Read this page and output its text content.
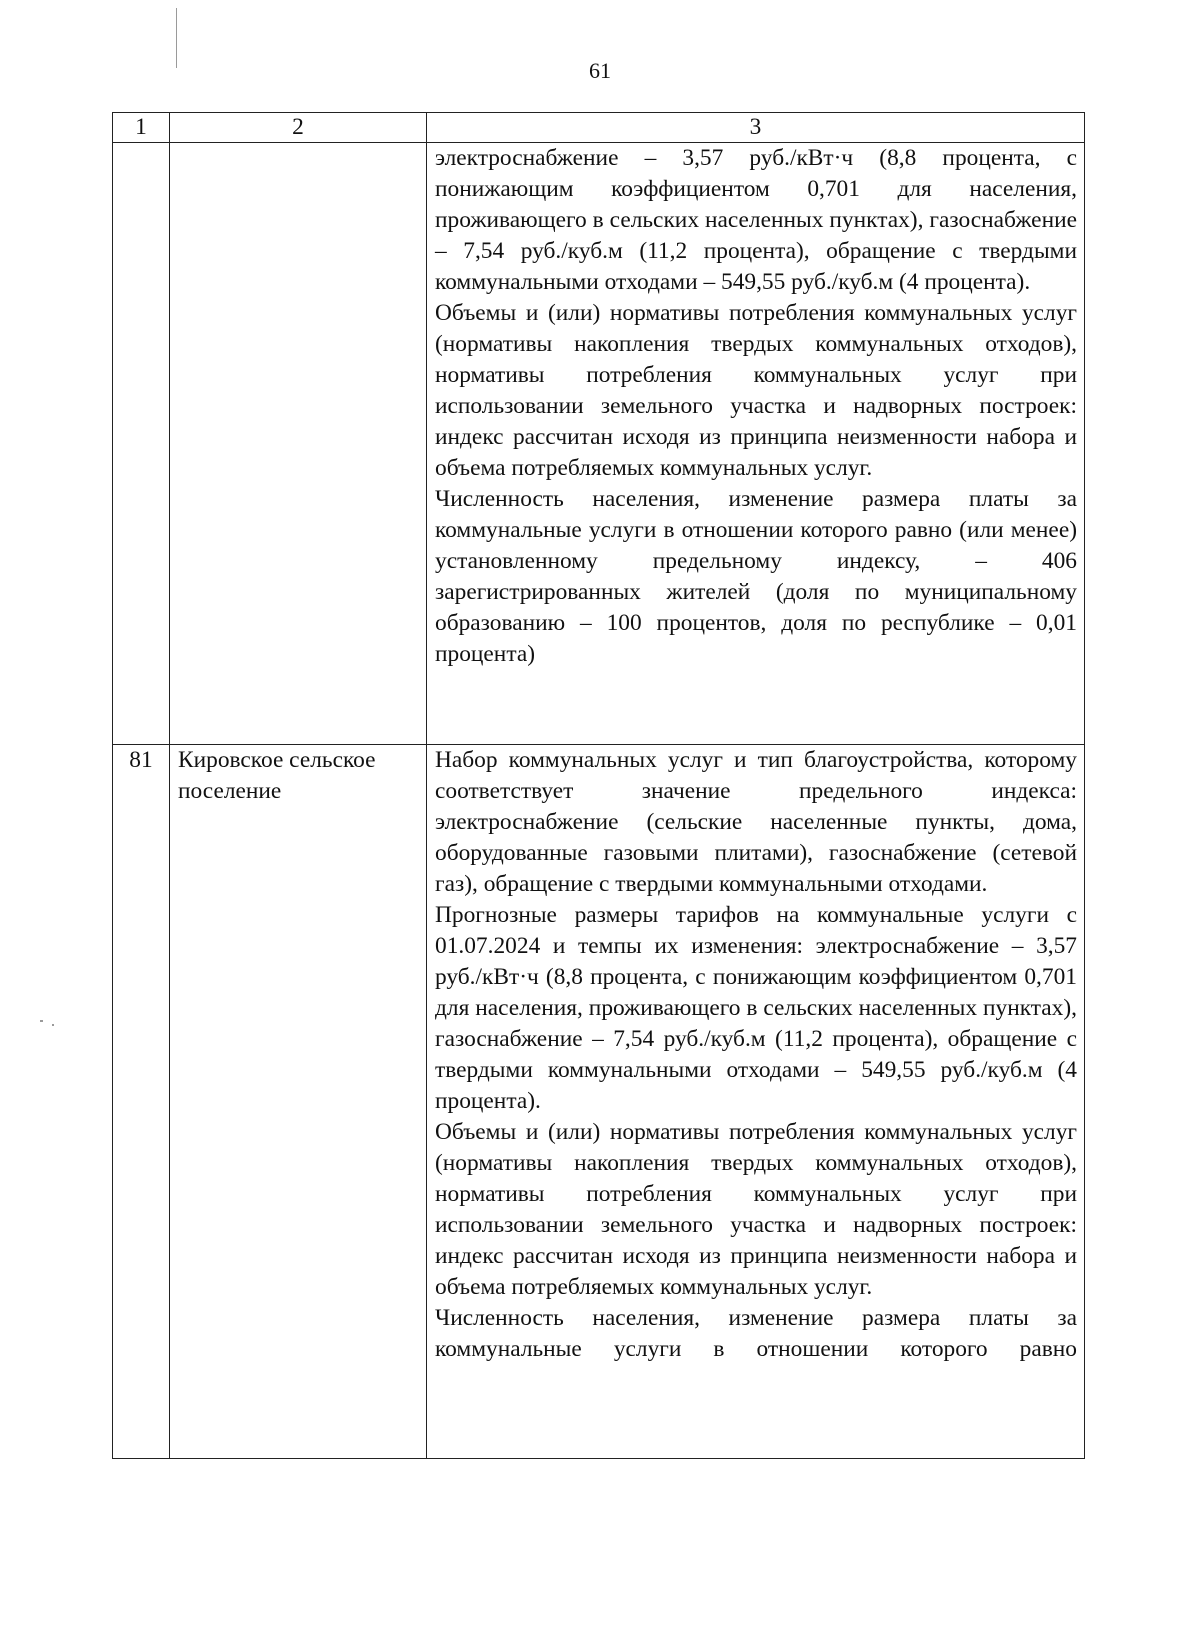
61
1	2	3

		электроснабжение – 3,57 руб./кВт·ч (8,8 процента, с понижающим коэффициентом 0,701 для населения, проживающего в сельских населенных пунктах), газоснабжение – 7,54 руб./куб.м (11,2 процента), обращение с твердыми коммунальными отходами – 549,55 руб./куб.м (4 процента).

Объемы и (или) нормативы потребления коммунальных услуг (нормативы накопления твердых коммунальных отходов), нормативы потребления коммунальных услуг при использовании земельного участка и надворных построек: индекс рассчитан исходя из принципа неизменности набора и объема потребляемых коммунальных услуг.

Численность населения, изменение размера платы за коммунальные услуги в отношении которого равно (или менее) установленному предельному индексу, – 406 зарегистрированных жителей (доля по муниципальному образованию – 100 процентов, доля по республике – 0,01 процента)

81	Кировское сельское поселение	Набор коммунальных услуг и тип благоустройства, которому соответствует значение предельного индекса: электроснабжение (сельские населенные пункты, дома, оборудованные газовыми плитами), газоснабжение (сетевой газ), обращение с твердыми коммунальными отходами.

Прогнозные размеры тарифов на коммунальные услуги с 01.07.2024 и темпы их изменения: электроснабжение – 3,57 руб./кВт·ч (8,8 процента, с понижающим коэффициентом 0,701 для населения, проживающего в сельских населенных пунктах), газоснабжение – 7,54 руб./куб.м (11,2 процента), обращение с твердыми коммунальными отходами – 549,55 руб./куб.м (4 процента).

Объемы и (или) нормативы потребления коммунальных услуг (нормативы накопления твердых коммунальных отходов), нормативы потребления коммунальных услуг при использовании земельного участка и надворных построек: индекс рассчитан исходя из принципа неизменности набора и объема потребляемых коммунальных услуг.

Численность населения, изменение размера платы за коммунальные услуги в отношении которого равно
